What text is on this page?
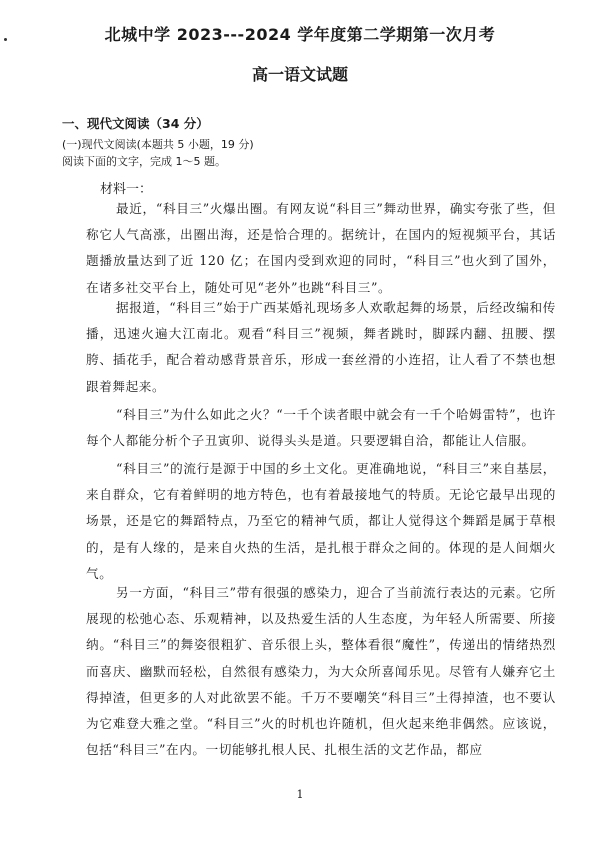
北城中学 2023---2024 学年度第二学期第一次月考
高一语文试题
一、现代文阅读（34 分）
(一)现代文阅读(本题共 5 小题，19 分)
阅读下面的文字，完成 1～5 题。
材料一：
最近，“科目三”火爆出圈。有网友说“科目三”舞动世界，确实夸张了些，但称它人气高涨，出圈出海，还是恰合理的。据统计，在国内的短视频平台，其话题播放量达到了近 120 亿；在国内受到欢迎的同时，“科目三”也火到了国外，在诸多社交平台上，随处可见“老外”也跳“科目三”。
据报道，“科目三”始于广西某婚礼现场多人欢歌起舞的场景，后经改编和传播，迅速火遍大江南北。观看“科目三”视频，舞者跳时，脚踩内翻、扭腰、摆胯、插花手，配合着动感背景音乐，形成一套丝滑的小连招，让人看了不禁也想跟着舞起来。
“科目三”为什么如此之火？“一千个读者眼中就会有一千个哈姆雷特”，也许每个人都能分析个子丑寅卯、说得头头是道。只要逻辑自洽，都能让人信服。
“科目三”的流行是源于中国的乡土文化。更准确地说，“科目三”来自基层，来自群众，它有着鲜明的地方特色，也有着最接地气的特质。无论它最早出现的场景，还是它的舞蹈特点，乃至它的精神气质，都让人觉得这个舞蹈是属于草根的，是有人缘的，是来自火热的生活，是扎根于群众之间的。体现的是人间烟火气。
另一方面，“科目三”带有很强的感染力，迎合了当前流行表达的元素。它所展现的松弛心态、乐观精神，以及热爱生活的人生态度，为年轻人所需要、所接纳。“科目三”的舞姿很粗犷、音乐很上头，整体看很“魔性”，传递出的情绪热烈而喜庆、幽默而轻松，自然很有感染力，为大众所喜闻乐见。尽管有人嫌弃它土得掉渣，但更多的人对此欲罢不能。千万不要嘲笑“科目三”土得掉渣，也不要认为它难登大雅之堂。“科目三”火的时机也许随机，但火起来绝非偶然。应该说，包括“科目三”在内。一切能够扎根人民、扎根生活的文艺作品，都应
1
